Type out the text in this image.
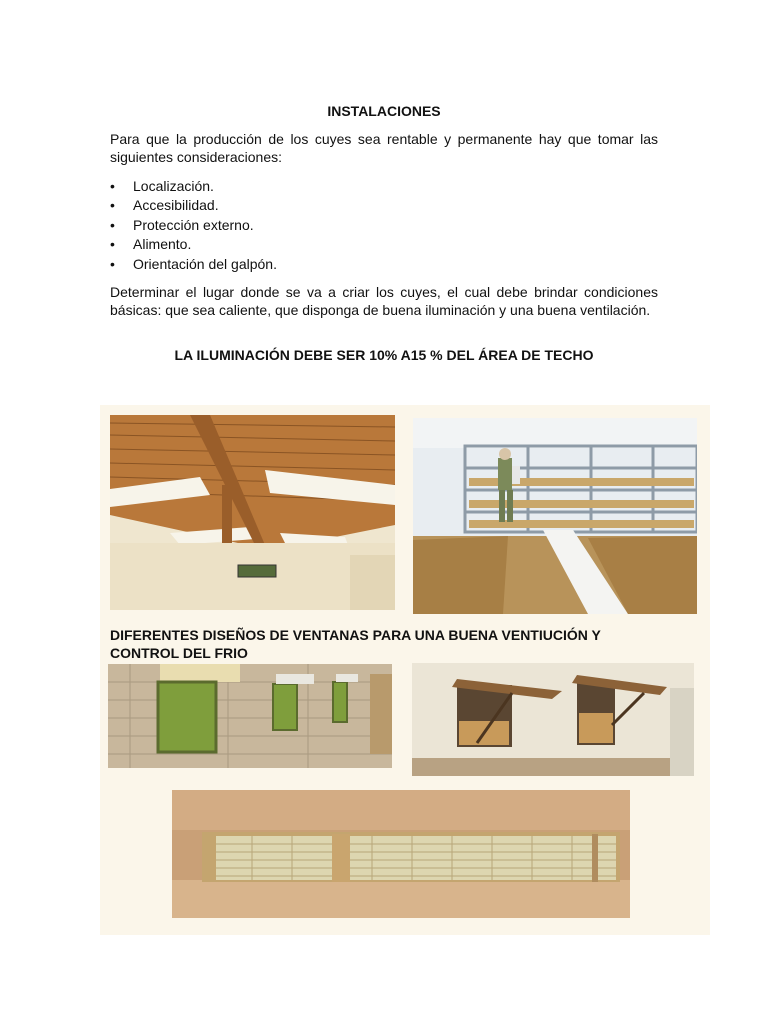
INSTALACIONES

Para que la producción de los cuyes sea rentable y permanente hay que tomar las siguientes consideraciones:

• Localización.
• Accesibilidad.
• Protección externo.
• Alimento.
• Orientación del galpón.

Determinar el lugar donde se va a criar los cuyes, el cual debe brindar condiciones básicas: que sea caliente, que disponga de buena iluminación y una buena ventilación.

LA ILUMINACIÓN DEBE SER 10% A15 % DEL ÁREA DE TECHO
DIFERENTES DISEÑOS DE VENTANAS PARA UNA BUENA VENTIUCIÓN Y CONTROL DEL FRIO
